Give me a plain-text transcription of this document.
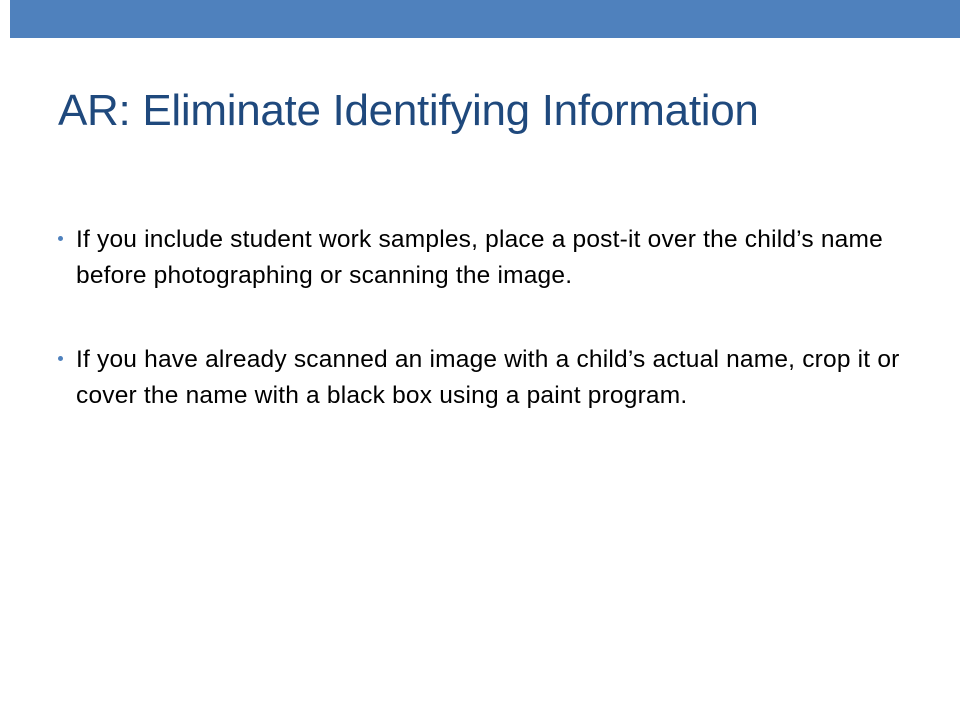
AR: Eliminate Identifying Information
If you include student work samples, place a post-it over the child’s name before photographing or scanning the image.
If you have already scanned an image with a child’s actual name, crop it or cover the name with a black box using a paint program.
